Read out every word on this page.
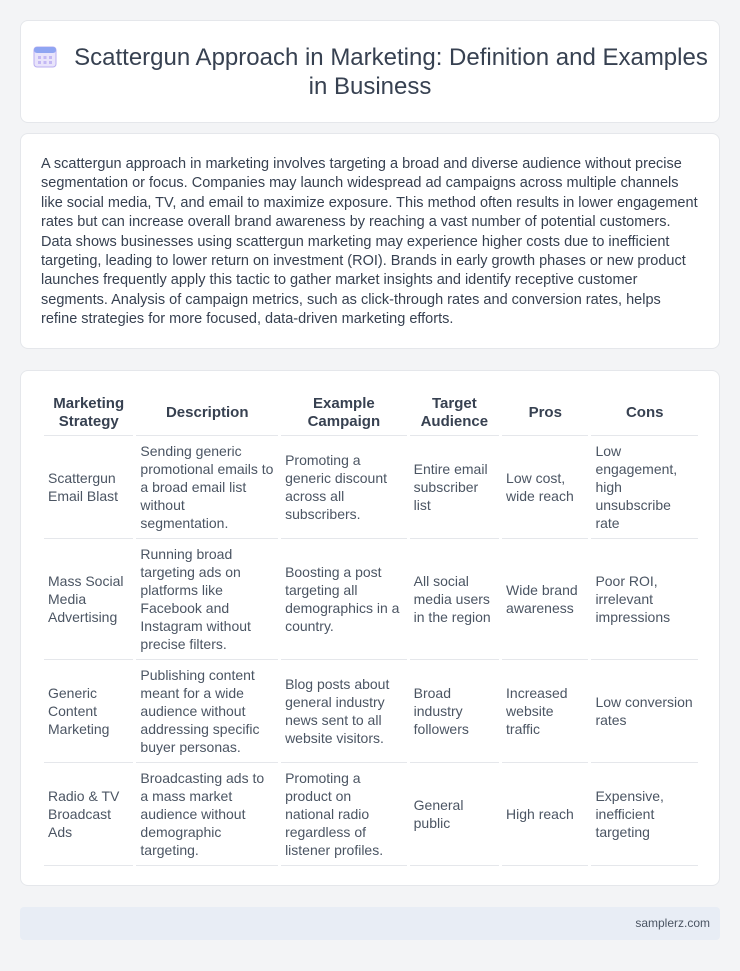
Scattergun Approach in Marketing: Definition and Examples in Business

A scattergun approach in marketing involves targeting a broad and diverse audience without precise segmentation or focus. Companies may launch widespread ad campaigns across multiple channels like social media, TV, and email to maximize exposure. This method often results in lower engagement rates but can increase overall brand awareness by reaching a vast number of potential customers. Data shows businesses using scattergun marketing may experience higher costs due to inefficient targeting, leading to lower return on investment (ROI). Brands in early growth phases or new product launches frequently apply this tactic to gather market insights and identify receptive customer segments. Analysis of campaign metrics, such as click-through rates and conversion rates, helps refine strategies for more focused, data-driven marketing efforts.

Marketing Strategy	Description	Example Campaign	Target Audience	Pros	Cons
Scattergun Email Blast	Sending generic promotional emails to a broad email list without segmentation.	Promoting a generic discount across all subscribers.	Entire email subscriber list	Low cost, wide reach	Low engagement, high unsubscribe rate
Mass Social Media Advertising	Running broad targeting ads on platforms like Facebook and Instagram without precise filters.	Boosting a post targeting all demographics in a country.	All social media users in the region	Wide brand awareness	Poor ROI, irrelevant impressions
Generic Content Marketing	Publishing content meant for a wide audience without addressing specific buyer personas.	Blog posts about general industry news sent to all website visitors.	Broad industry followers	Increased website traffic	Low conversion rates
Radio & TV Broadcast Ads	Broadcasting ads to a mass market audience without demographic targeting.	Promoting a product on national radio regardless of listener profiles.	General public	High reach	Expensive, inefficient targeting
samplerz.com
